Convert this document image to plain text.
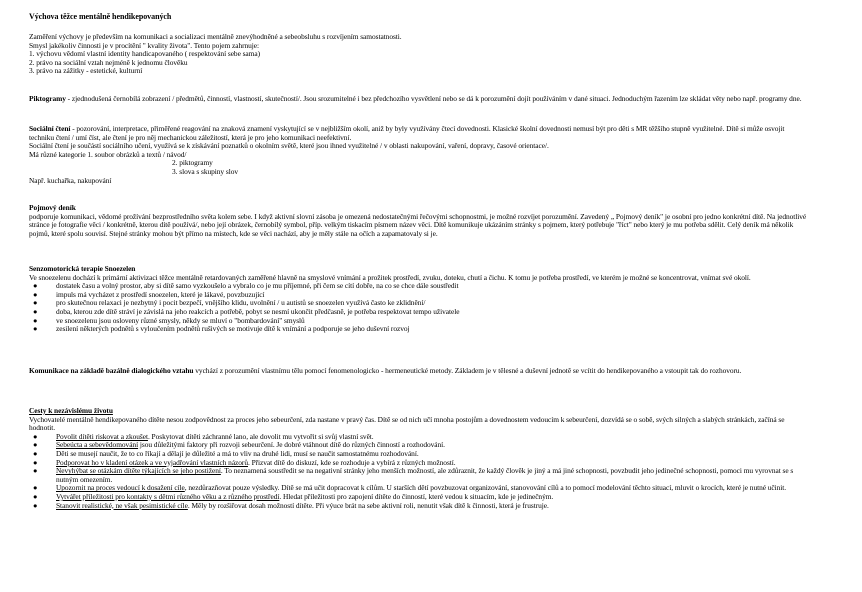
Výchova těžce mentálně hendikepovaných
Zaměření výchovy je především na komunikaci a socializaci mentálně znevýhodněné a sebeobsluhu s rozvíjením samostatnosti.
Smysl jakékoliv činnosti je v procítění " kvality života". Tento pojem zahrnuje:
1. výchovu vědomí vlastní identity handicapovaného ( respektování sebe sama)
2. právo na sociální vztah nejméně k jednomu člověku
3. právo na zážitky - estetické, kulturní
Piktogramy - zjednodušená černobílá zobrazení / předmětů, činností, vlastností, skutečností/. Jsou srozumitelné i bez předchozího vysvětlení nebo se dá k porozumění dojít používáním v dané situaci. Jednoduchým řazením lze skládat věty nebo např. programy dne.
Sociální čtení - pozorování, interpretace, přiměřené reagování na znaková znamení vyskytující se v nejbližším okolí, aniž by byly využívány čtecí dovednosti. Klasické školní dovednosti nemusí být pro děti s MR těžšího stupně využitelné. Dítě si může osvojit techniku čtení / umí číst, ale čtení je pro něj mechanickou záležitostí, která je pro jeho komunikaci neefektivní.
Sociální čtení je součástí sociálního učení, využívá se k získávání poznatků o okolním světě, které jsou ihned využitelné / v oblasti nakupování, vaření, dopravy, časové orientace/.
Má různé kategorie 1. soubor obrázků a textů / návod/
2. piktogramy
3. slova s skupiny slov
Např. kuchařka, nakupování
Pojmový deník
podporuje komunikaci, vědomé prožívání bezprostředního světa kolem sebe. I když aktivní slovní zásoba je omezená nedostatečnými řečovými schopnostmi, je možné rozvíjet porozumění. Zavedený „ Pojmový deník" je osobní pro jedno konkrétní dítě. Na jednotlivé stránce je fotografie věci / konkrétně, kterou dítě používá/, nebo její obrázek, černobílý symbol, příp. velkým tiskacím písmem název věci. Dítě komunikuje ukázáním stránky s pojmem, který potřebuje "říct" nebo který je mu potřeba sdělit. Celý deník má několik pojmů, které spolu souvisí. Stejné stránky mohou být přímo na místech, kde se věci nachází, aby je měly stále na očích a zapamatovaly si je.
Senzomotorická terapie Snoezelen
Ve snoezelenu dochází k primární aktivizaci těžce mentálně retardovaných zaměřené hlavně na smyslové vnímání a prožitek prostředí, zvuku, doteku, chutí a čichu. K tomu je potřeba prostředí, ve kterém je možné se koncentrovat, vnímat své okolí.
●	dostatek času a volný prostor, aby si dítě samo vyzkoušelo a vybralo co je mu příjemné, při čem se cítí dobře, na co se chce dále soustředit
●	impuls má vycházet z prostředí snoezelen, které je lákavé, povzbuzující
●	pro skutečnou relaxaci je nezbytný i pocit bezpečí, vnějšího klidu, uvolnění / u autistů se snoezelen využívá často ke zklidnění/
●	doba, kterou zde dítě stráví je závislá na jeho reakcích a potřebě, pobyt se nesmí ukončit předčasně, je potřeba respektovat tempo uživatele
●	ve snoezelenu jsou osloveny různé smysly, někdy se mluví o "bombardování" smyslů
●	zesilení některých podnětů s vyloučením podnětů rušivých se motivuje dítě k vnímání a podporuje se jeho duševní rozvoj
Komunikace na základě bazálně dialogického vztahu vychází z porozumění vlastnímu tělu pomocí fenomenologicko - hermeneutické metody. Základem je v tělesné a duševní jednotě se vcítit do hendikepovaného a vstoupit tak do rozhovoru.
Cesty k nezávislému životu
Vychovatelé mentálně hendikepovaného dítěte nesou zodpovědnost za proces jeho sebeurčení, zda nastane v pravý čas. Dítě se od nich učí mnoha postojům a dovednostem vedoucím k sebeurčení, dozvídá se o sobě, svých silných a slabých stránkách, začíná se hodnotit.
●	Povolit dítěti riskovat a zkoušet. Poskytovat dítěti záchranné lano, ale dovolit mu vytvořit si svůj vlastní svět.
●	Sebeúcta a sebevědomování jsou důležitými faktory při rozvoji sebeurčení. Je dobré vtáhnout dítě do různých činností a rozhodování.
●	Děti se musejí naučit, že to co říkají a dělají je důležité a má to vliv na druhé lidi, musí se naučit samostatnému rozhodování.
●	Podporovat ho v kladení otázek a ve vyjadřování vlastních názorů. Přizvat dítě do diskuzí, kde se rozhoduje a vybírá z různých možností.
●	Nevyhýbat se otázkám dítěte týkajících se jeho postižení. To neznamená soustředit se na negativní stránky jeho menších možností, ale zdůraznit, že každý člověk je jiný a má jiné schopnosti, povzbudit jeho jedinečné schopnosti, pomoci mu vyrovnat se s nutným omezením.
●	Upozornit na proces vedoucí k dosažení cíle, nezdůrazňovat pouze výsledky. Dítě se má učit dopracovat k cílům. U starších dětí povzbuzovat organizování, stanovování cílů a to pomocí modelování těchto situací, mluvit o krocích, které je nutné učinit.
●	Vytvářet příležitosti pro kontakty s dětmi různého věku a z různého prostředí. Hledat příležitosti pro zapojení dítěte do činností, které vedou k situacím, kde je jedinečným.
●	Stanovit realistické, ne však pesimistické cíle. Měly by rozšiřovat dosah možností dítěte. Při výuce brát na sebe aktivní roli, nenutit však dítě k činnosti, která je frustruje.
